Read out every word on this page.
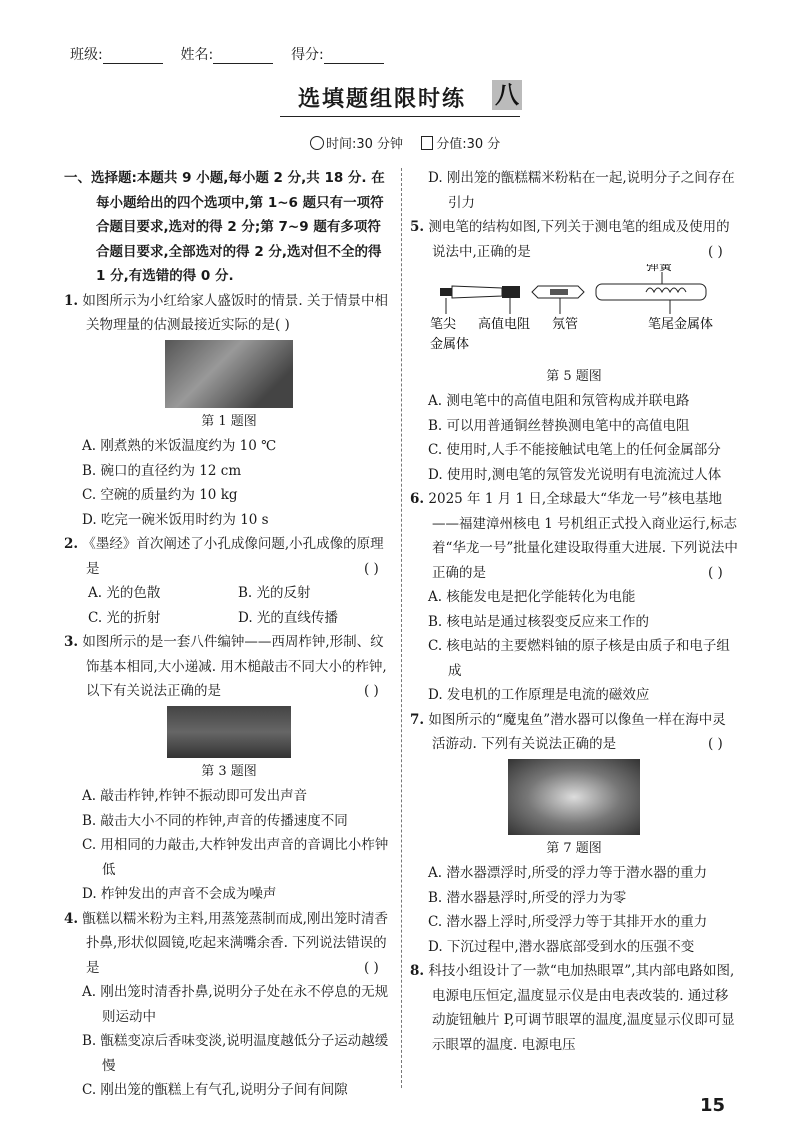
班级:	姓名:	得分:
选填题组限时练 八
时间:30 分钟	分值:30 分
一、选择题:本题共 9 小题,每小题 2 分,共 18 分. 在每小题给出的四个选项中,第 1~6 题只有一项符合题目要求,选对的得 2 分;第 7~9 题有多项符合题目要求,全部选对的得 2 分,选对但不全的得 1 分,有选错的得 0 分.
1. 如图所示为小红给家人盛饭时的情景. 关于情景中相关物理量的估测最接近实际的是( )
第 1 题图
A. 刚煮熟的米饭温度约为 10 ℃
B. 碗口的直径约为 12 cm
C. 空碗的质量约为 10 kg
D. 吃完一碗米饭用时约为 10 s
2. 《墨经》首次阐述了小孔成像问题,小孔成像的原理是	( )
A. 光的色散	B. 光的反射
C. 光的折射	D. 光的直线传播
3. 如图所示的是一套八件编钟——西周柞钟,形制、纹饰基本相同,大小递减. 用木槌敲击不同大小的柞钟,以下有关说法正确的是	( )
第 3 题图
A. 敲击柞钟,柞钟不振动即可发出声音
B. 敲击大小不同的柞钟,声音的传播速度不同
C. 用相同的力敲击,大柞钟发出声音的音调比小柞钟低
D. 柞钟发出的声音不会成为噪声
4. 甑糕以糯米粉为主料,用蒸笼蒸制而成,刚出笼时清香扑鼻,形状似圆镜,吃起来满嘴余香. 下列说法错误的是	( )
A. 刚出笼时清香扑鼻,说明分子处在永不停息的无规则运动中
B. 甑糕变凉后香味变淡,说明温度越低分子运动越缓慢
C. 刚出笼的甑糕上有气孔,说明分子间有间隙
D. 刚出笼的甑糕糯米粉粘在一起,说明分子之间存在引力
5. 测电笔的结构如图,下列关于测电笔的组成及使用的说法中,正确的是	( )
弹簧
笔尖
金属体
高值电阻 氖管	笔尾金属体
第 5 题图
A. 测电笔中的高值电阻和氖管构成并联电路
B. 可以用普通铜丝替换测电笔中的高值电阻
C. 使用时,人手不能接触试电笔上的任何金属部分
D. 使用时,测电笔的氖管发光说明有电流流过人体
6. 2025 年 1 月 1 日,全球最大“华龙一号”核电基地——福建漳州核电 1 号机组正式投入商业运行,标志着“华龙一号”批量化建设取得重大进展. 下列说法中正确的是	( )
A. 核能发电是把化学能转化为电能
B. 核电站是通过核裂变反应来工作的
C. 核电站的主要燃料铀的原子核是由质子和电子组成
D. 发电机的工作原理是电流的磁效应
7. 如图所示的“魔鬼鱼”潜水器可以像鱼一样在海中灵活游动. 下列有关说法正确的是	( )
第 7 题图
A. 潜水器漂浮时,所受的浮力等于潜水器的重力
B. 潜水器悬浮时,所受的浮力为零
C. 潜水器上浮时,所受浮力等于其排开水的重力
D. 下沉过程中,潜水器底部受到水的压强不变
8. 科技小组设计了一款“电加热眼罩”,其内部电路如图,电源电压恒定,温度显示仪是由电表改装的. 通过移动旋钮触片 P,可调节眼罩的温度,温度显示仪即可显示眼罩的温度. 电源电压
15
